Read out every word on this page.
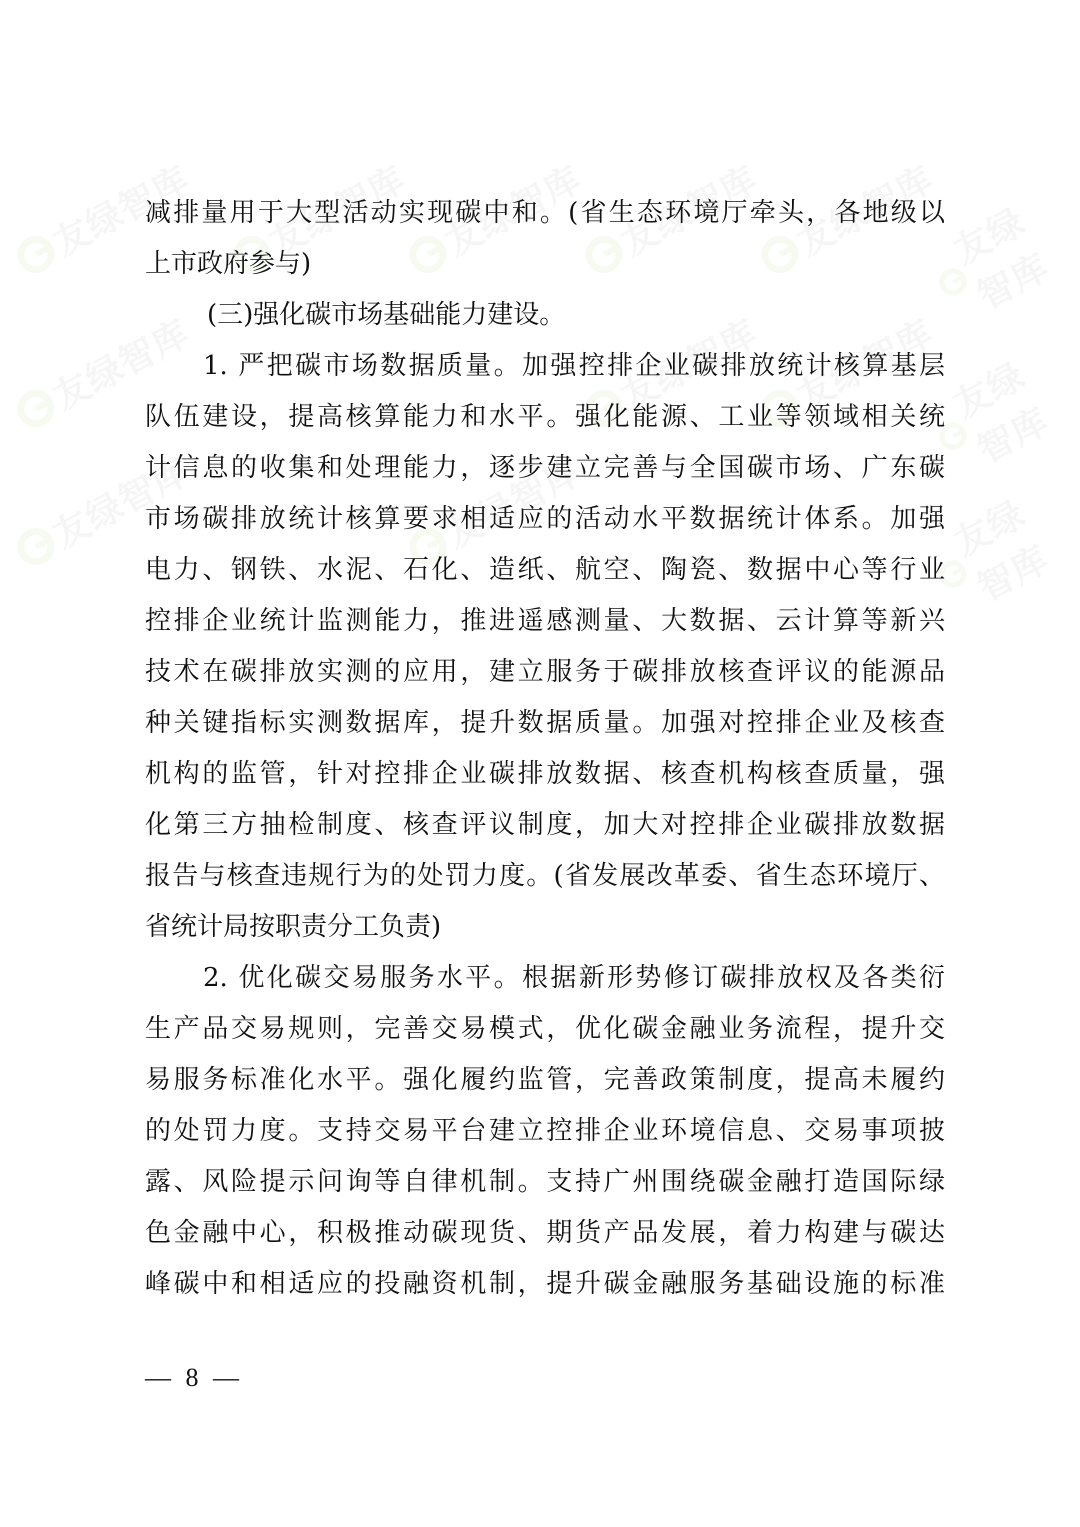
友绿智库 友绿智库 友绿智库 友绿智库 友绿智库 友绿智库
友绿智库	友绿智库 友绿智库 友绿智库
友绿智库	友绿智库	友绿智库
减排量用于大型活动实现碳中和。(省生态环境厅牵头，各地级以
上市政府参与)
(三)强化碳市场基础能力建设。
1. 严把碳市场数据质量。加强控排企业碳排放统计核算基层
队伍建设，提高核算能力和水平。强化能源、工业等领域相关统
计信息的收集和处理能力，逐步建立完善与全国碳市场、广东碳
市场碳排放统计核算要求相适应的活动水平数据统计体系。加强
电力、钢铁、水泥、石化、造纸、航空、陶瓷、数据中心等行业
控排企业统计监测能力，推进遥感测量、大数据、云计算等新兴
技术在碳排放实测的应用，建立服务于碳排放核查评议的能源品
种关键指标实测数据库，提升数据质量。加强对控排企业及核查
机构的监管，针对控排企业碳排放数据、核查机构核查质量，强
化第三方抽检制度、核查评议制度，加大对控排企业碳排放数据
报告与核查违规行为的处罚力度。(省发展改革委、省生态环境厅、
省统计局按职责分工负责)
2. 优化碳交易服务水平。根据新形势修订碳排放权及各类衍
生产品交易规则，完善交易模式，优化碳金融业务流程，提升交
易服务标准化水平。强化履约监管，完善政策制度，提高未履约
的处罚力度。支持交易平台建立控排企业环境信息、交易事项披
露、风险提示问询等自律机制。支持广州围绕碳金融打造国际绿
色金融中心，积极推动碳现货、期货产品发展，着力构建与碳达
峰碳中和相适应的投融资机制，提升碳金融服务基础设施的标准
— 8 —
